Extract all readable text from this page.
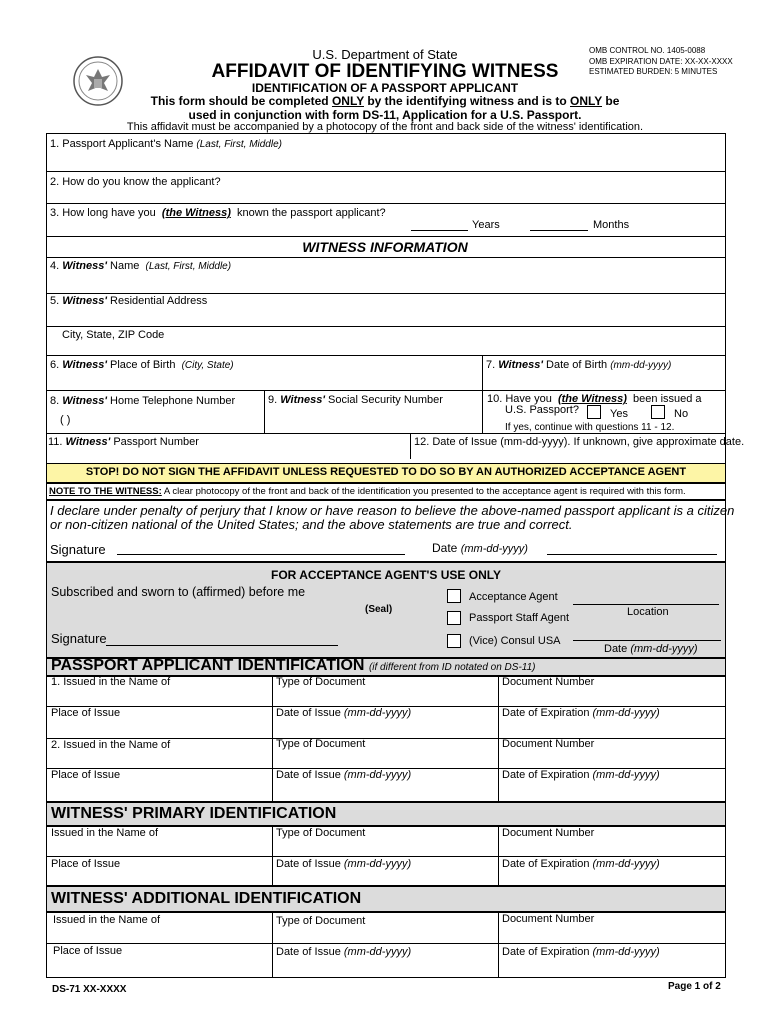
U.S. Department of State
AFFIDAVIT OF IDENTIFYING WITNESS
IDENTIFICATION OF A PASSPORT APPLICANT
OMB CONTROL NO. 1405-0088
OMB EXPIRATION DATE: XX-XX-XXXX
ESTIMATED BURDEN: 5 MINUTES
This form should be completed ONLY by the identifying witness and is to ONLY be
used in conjunction with form DS-11, Application for a U.S. Passport.
This affidavit must be accompanied by a photocopy of the front and back side of the witness' identification.
1. Passport Applicant's Name (Last, First, Middle)
2. How do you know the applicant?
3. How long have you (the Witness) known the passport applicant?
Years	Months
WITNESS INFORMATION
4. Witness' Name (Last, First, Middle)
5. Witness' Residential Address
City, State, ZIP Code
6. Witness' Place of Birth (City, State)	7. Witness' Date of Birth (mm-dd-yyyy)
8. Witness' Home Telephone Number
( )
9. Witness' Social Security Number	10. Have you (the Witness) been issued a
U.S. Passport?	Yes	No
If yes, continue with questions 11 - 12.
11. Witness' Passport Number	12. Date of Issue (mm-dd-yyyy). If unknown, give approximate date.
STOP! DO NOT SIGN THE AFFIDAVIT UNLESS REQUESTED TO DO SO BY AN AUTHORIZED ACCEPTANCE AGENT
NOTE TO THE WITNESS: A clear photocopy of the front and back of the identification you presented to the acceptance agent is required with this form.
I declare under penalty of perjury that I know or have reason to believe the above-named passport applicant is a citizen
or non-citizen national of the United States; and the above statements are true and correct.
Signature	Date (mm-dd-yyyy)
FOR ACCEPTANCE AGENT'S USE ONLY
Subscribed and sworn to (affirmed) before me
(Seal)
Acceptance Agent
Passport Staff Agent
(Vice) Consul USA
Location
Date (mm-dd-yyyy)
Signature
PASSPORT APPLICANT IDENTIFICATION (if different from ID notated on DS-11)
1. Issued in the Name of	Type of Document	Document Number
Place of Issue	Date of Issue (mm-dd-yyyy)	Date of Expiration (mm-dd-yyyy)
2. Issued in the Name of	Type of Document	Document Number
Place of Issue	Date of Issue (mm-dd-yyyy)	Date of Expiration (mm-dd-yyyy)
WITNESS' PRIMARY IDENTIFICATION
Issued in the Name of	Type of Document	Document Number
Place of Issue	Date of Issue (mm-dd-yyyy)	Date of Expiration (mm-dd-yyyy)
WITNESS' ADDITIONAL IDENTIFICATION
Issued in the Name of	Type of Document	Document Number
Place of Issue	Date of Issue (mm-dd-yyyy)	Date of Expiration (mm-dd-yyyy)
DS-71 XX-XXXX	Page 1 of 2
